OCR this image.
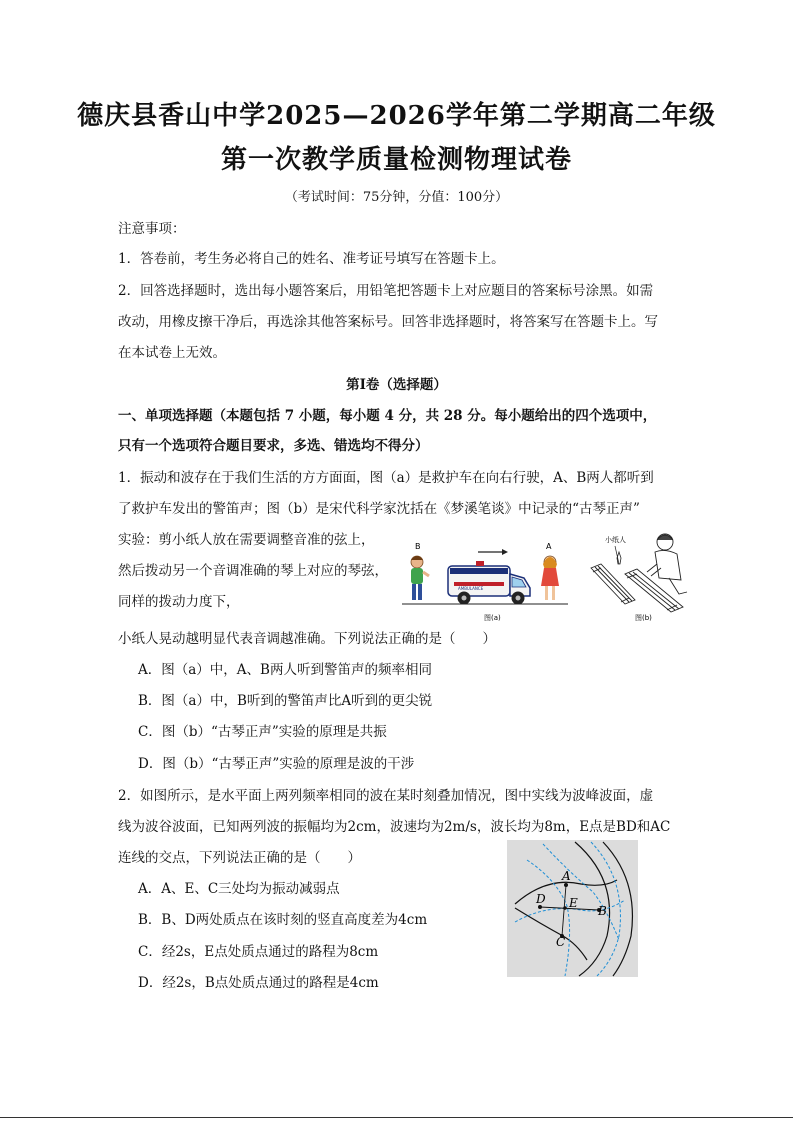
德庆县香山中学2025—2026学年第二学期高二年级
第一次教学质量检测物理试卷
（考试时间：75分钟，分值：100分）
注意事项：
1．答卷前，考生务必将自己的姓名、准考证号填写在答题卡上。
2．回答选择题时，选出每小题答案后，用铅笔把答题卡上对应题目的答案标号涂黑。如需
改动，用橡皮擦干净后，再选涂其他答案标号。回答非选择题时，将答案写在答题卡上。写
在本试卷上无效。
第Ⅰ卷（选择题）
一、单项选择题（本题包括 7 小题，每小题 4 分，共 28 分。每小题给出的四个选项中，
只有一个选项符合题目要求，多选、错选均不得分）
1．振动和波存在于我们生活的方方面面，图（a）是救护车在向右行驶，A、B两人都听到
了救护车发出的警笛声；图（b）是宋代科学家沈括在《梦溪笔谈》中记录的“古琴正声”
实验：剪小纸人放在需要调整音准的弦上，
然后拨动另一个音调准确的琴上对应的琴弦，
同样的拨动力度下，
小纸人晃动越明显代表音调越准确。下列说法正确的是（　　）
B	A
AMBULANCE
图(a)
小纸人
图(b)
A．图（a）中，A、B两人听到警笛声的频率相同
B．图（a）中，B听到的警笛声比A听到的更尖锐
C．图（b）“古琴正声”实验的原理是共振
D．图（b）“古琴正声”实验的原理是波的干涉
2．如图所示，是水平面上两列频率相同的波在某时刻叠加情况，图中实线为波峰波面，虚
线为波谷波面，已知两列波的振幅均为2cm，波速均为2m/s，波长均为8m，E点是BD和AC
连线的交点，下列说法正确的是（　　）
A．A、E、C三处均为振动减弱点
B．B、D两处质点在该时刻的竖直高度差为4cm
C．经2s，E点处质点通过的路程为8cm
D．经2s，B点处质点通过的路程是4cm
A
D E
B
C
